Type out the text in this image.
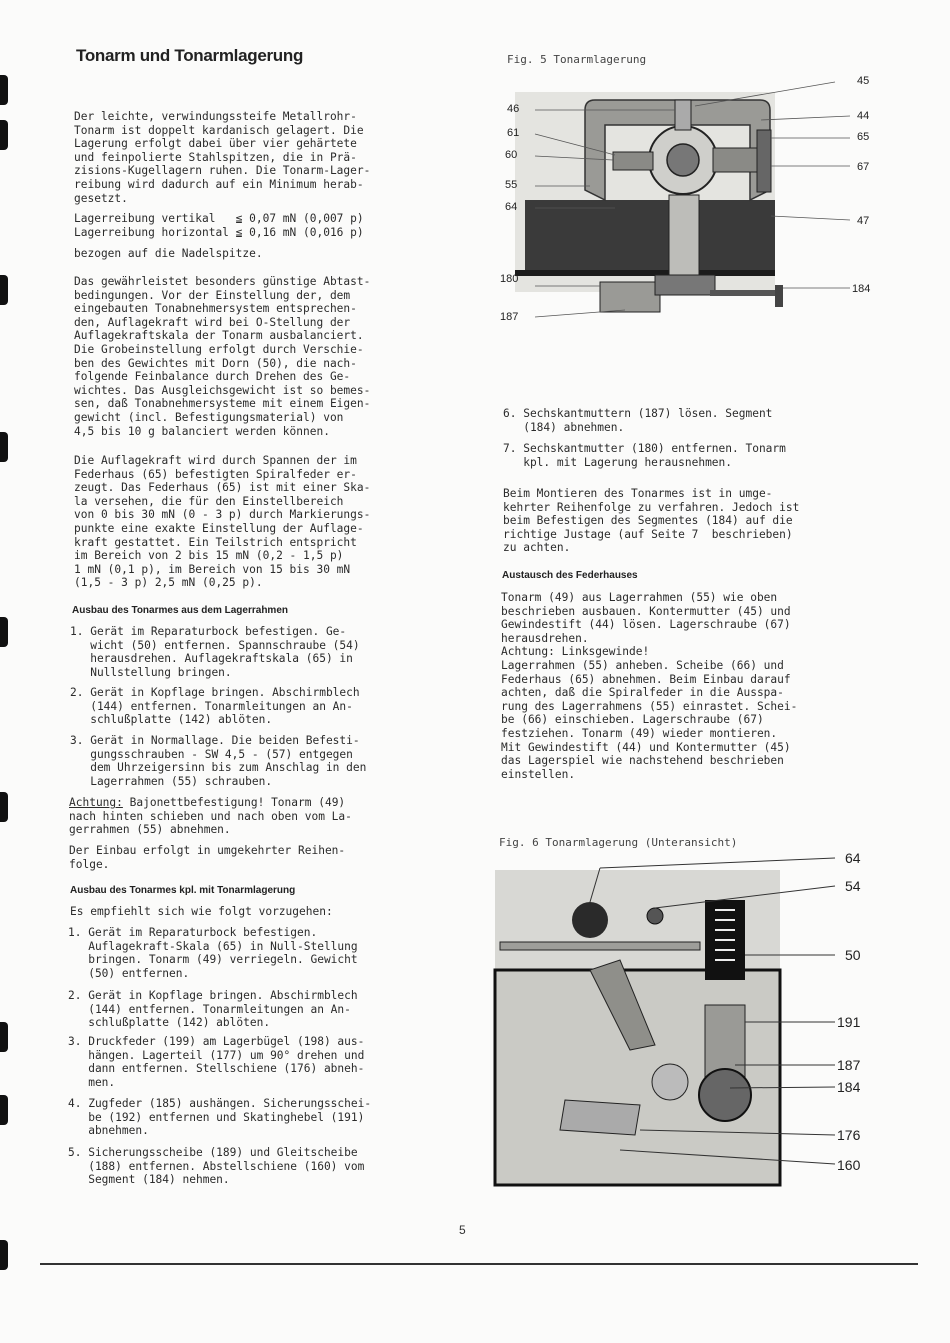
Tonarm und Tonarmlagerung
Der leichte, verwindungssteife Metallrohr-
Tonarm ist doppelt kardanisch gelagert. Die
Lagerung erfolgt dabei über vier gehärtete
und feinpolierte Stahlspitzen, die in Prä-
zisions-Kugellagern ruhen. Die Tonarm-Lager-
reibung wird dadurch auf ein Minimum herab-
gesetzt.
Lagerreibung vertikal   ≦ 0,07 mN (0,007 p)
Lagerreibung horizontal ≦ 0,16 mN (0,016 p)
bezogen auf die Nadelspitze.
Das gewährleistet besonders günstige Abtast-
bedingungen. Vor der Einstellung der, dem
eingebauten Tonabnehmersystem entsprechen-
den, Auflagekraft wird bei O-Stellung der
Auflagekraftskala der Tonarm ausbalanciert.
Die Grobeinstellung erfolgt durch Verschie-
ben des Gewichtes mit Dorn (50), die nach-
folgende Feinbalance durch Drehen des Ge-
wichtes. Das Ausgleichsgewicht ist so bemes-
sen, daß Tonabnehmersysteme mit einem Eigen-
gewicht (incl. Befestigungsmaterial) von
4,5 bis 10 g balanciert werden können.
Die Auflagekraft wird durch Spannen der im
Federhaus (65) befestigten Spiralfeder er-
zeugt. Das Federhaus (65) ist mit einer Ska-
la versehen, die für den Einstellbereich
von 0 bis 30 mN (0 - 3 p) durch Markierungs-
punkte eine exakte Einstellung der Auflage-
kraft gestattet. Ein Teilstrich entspricht
im Bereich von 2 bis 15 mN (0,2 - 1,5 p)
1 mN (0,1 p), im Bereich von 15 bis 30 mN
(1,5 - 3 p) 2,5 mN (0,25 p).
Ausbau des Tonarmes aus dem Lagerrahmen
1. Gerät im Reparaturbock befestigen. Ge-
wicht (50) entfernen. Spannschraube (54)
herausdrehen. Auflagekraftskala (65) in
Nullstellung bringen.
2. Gerät in Kopflage bringen. Abschirmblech
(144) entfernen. Tonarmleitungen an An-
schlußplatte (142) ablöten.
3. Gerät in Normallage. Die beiden Befesti-
gungsschrauben - SW 4,5 - (57) entgegen
dem Uhrzeigersinn bis zum Anschlag in den
Lagerrahmen (55) schrauben.
Achtung: Bajonettbefestigung! Tonarm (49)
nach hinten schieben und nach oben vom La-
gerrahmen (55) abnehmen.
Der Einbau erfolgt in umgekehrter Reihen-
folge.
Ausbau des Tonarmes kpl. mit Tonarmlagerung
Es empfiehlt sich wie folgt vorzugehen:
1. Gerät im Reparaturbock befestigen.
Auflagekraft-Skala (65) in Null-Stellung
bringen. Tonarm (49) verriegeln. Gewicht
(50) entfernen.
2. Gerät in Kopflage bringen. Abschirmblech
(144) entfernen. Tonarmleitungen an An-
schlußplatte (142) ablöten.
3. Druckfeder (199) am Lagerbügel (198) aus-
hängen. Lagerteil (177) um 90° drehen und
dann entfernen. Stellschiene (176) abneh-
men.
4. Zugfeder (185) aushängen. Sicherungsschei-
be (192) entfernen und Skatinghebel (191)
abnehmen.
5. Sicherungsscheibe (189) und Gleitscheibe
(188) entfernen. Abstellschiene (160) vom
Segment (184) nehmen.
Fig. 5 Tonarmlagerung
46
61
60
55
64
180
187
45
44
65
67
47
184
6. Sechskantmuttern (187) lösen. Segment
(184) abnehmen.
7. Sechskantmutter (180) entfernen. Tonarm
kpl. mit Lagerung herausnehmen.
Beim Montieren des Tonarmes ist in umge-
kehrter Reihenfolge zu verfahren. Jedoch ist
beim Befestigen des Segmentes (184) auf die
richtige Justage (auf Seite 7  beschrieben)
zu achten.
Austausch des Federhauses
Tonarm (49) aus Lagerrahmen (55) wie oben
beschrieben ausbauen. Kontermutter (45) und
Gewindestift (44) lösen. Lagerschraube (67)
herausdrehen.
Achtung: Linksgewinde!
Lagerrahmen (55) anheben. Scheibe (66) und
Federhaus (65) abnehmen. Beim Einbau darauf
achten, daß die Spiralfeder in die Ausspa-
rung des Lagerrahmens (55) einrastet. Schei-
be (66) einschieben. Lagerschraube (67)
festziehen. Tonarm (49) wieder montieren.
Mit Gewindestift (44) und Kontermutter (45)
das Lagerspiel wie nachstehend beschrieben
einstellen.
Fig. 6 Tonarmlagerung (Unteransicht)
64
54
50
191
187
184
176
160
5
